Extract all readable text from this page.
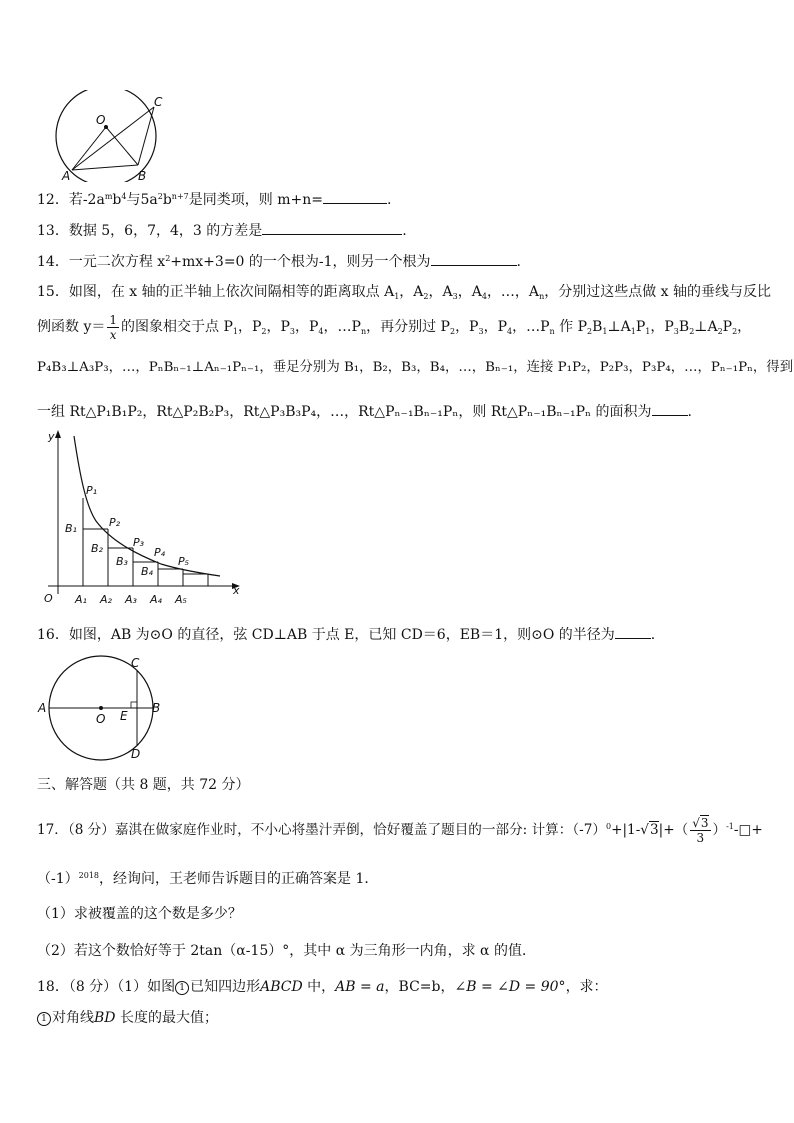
O
A	B
C
12．若$-2a^mb^4$与$5a^2b^{n+7}$是同类项，则 m+n=	.
13．数据 5，6，7，4，3 的方差是	.
14．一元二次方程 $x^2+mx+3=0$ 的一个根为-1，则另一个根为	.
15．如图，在 x 轴的正半轴上依次间隔相等的距离取点 $A_1$，$A_2$，$A_3$，$A_4$，…，$A_n$，分别过这些点做 x 轴的垂线与反比
例函数 $y= \frac{1}{x}$ 的图象相交于点 $P_1$，$P_2$，$P_3$，$P_4$，$\dots P_n$，再分别过 $P_2$，$P_3$，$P_4$，$\dots P_n$ 作 $P_2B_1\perp A_1P_1$，$P_3B_2\perp A_2P_2$，
P₄B₃⊥A₃P₃，…，PₙBₙ₋₁⊥Aₙ₋₁Pₙ₋₁，垂足分别为 B₁，B₂，B₃，B₄，…，Bₙ₋₁，连接 P₁P₂，P₂P₃，P₃P₄，…，Pₙ₋₁Pₙ，得到
一组 Rt△P₁B₁P₂，Rt△P₂B₂P₃，Rt△P₃B₃P₄，…，Rt△Pₙ₋₁Bₙ₋₁Pₙ，则 Rt△Pₙ₋₁Bₙ₋₁Pₙ 的面积为	.
x
y
O
P₁
P₂
P₃
P₄
P₅
B₁
B₂
B₃
B₄
A₁ A₂ A₃ A₄ A₅
16．如图，AB 为⊙O 的直径，弦 CD⊥AB 于点 E，已知 CD＝6，EB＝1，则⊙O 的半径为	.
A	B
C
D
O E
三、解答题（共 8 题，共 72 分）
17．（8 分）嘉淇在做家庭作业时，不小心将墨汁弄倒，恰好覆盖了题目的一部分: 计算：$(-7)^0+|1-√3|+( \frac{√3}{3}$ ）$^{-1}-□+$
$(-1)^{2018}$，经询问，王老师告诉题目的正确答案是 1．
（1）求被覆盖的这个数是多少？
（2）若这个数恰好等于 2tan（α-15）°，其中 α 为三角形一内角，求 α 的值．
18．（8 分）（1）如图 1 已知四边形ABCD 中，AB = a，BC=b，∠B = ∠D = 90°，求：
1 对角线BD 长度的最大值；
